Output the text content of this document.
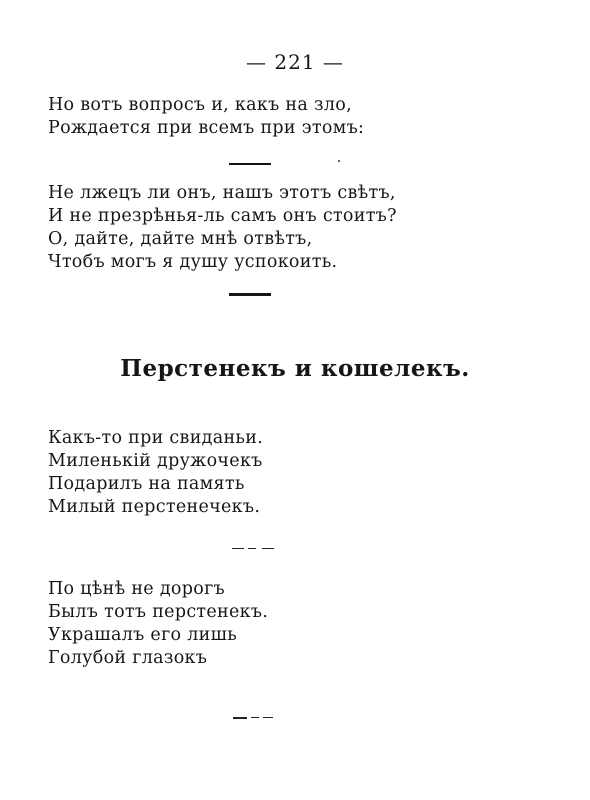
— 221 —
Но вотъ вопросъ и, какъ на зло,
Рождается при всемъ при этомъ:
Не лжецъ ли онъ, нашъ этотъ свѣтъ,
И не презрѣнья-ль самъ онъ стоитъ?
О, дайте, дайте мнѣ отвѣтъ,
Чтобъ могъ я душу успокоить.
Перстенекъ и кошелекъ.
Какъ-то при свиданьи.
Миленькій дружочекъ
Подарилъ на память
Милый перстенечекъ.
По цѣнѣ не дорогъ
Былъ тотъ перстенекъ.
Украшалъ его лишь
Голубой глазокъ
